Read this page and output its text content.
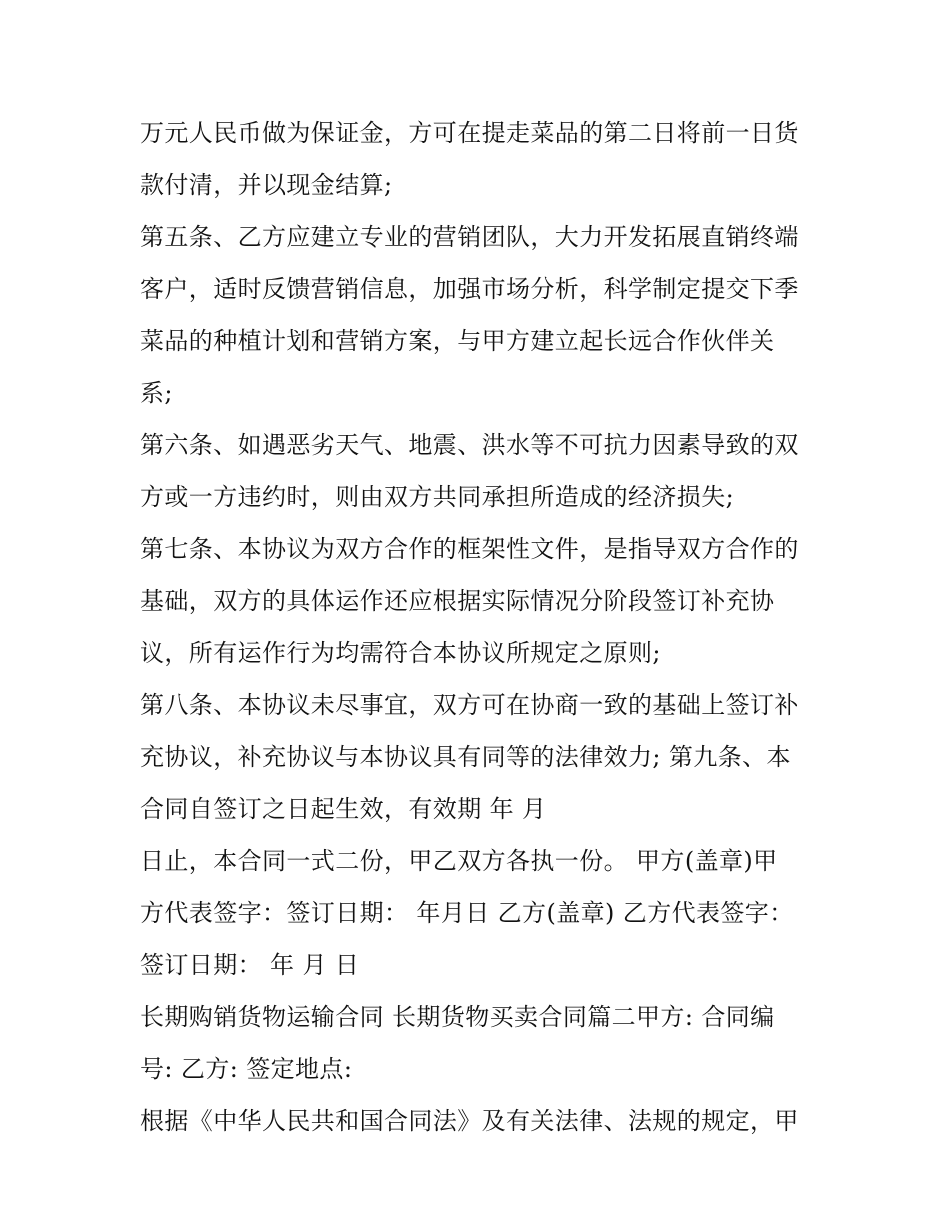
万元人民币做为保证金，方可在提走菜品的第二日将前一日货
款付清，并以现金结算;
第五条、乙方应建立专业的营销团队，大力开发拓展直销终端
客户，适时反馈营销信息，加强市场分析，科学制定提交下季
菜品的种植计划和营销方案，与甲方建立起长远合作伙伴关
系;
第六条、如遇恶劣天气、地震、洪水等不可抗力因素导致的双
方或一方违约时，则由双方共同承担所造成的经济损失;
第七条、本协议为双方合作的框架性文件，是指导双方合作的
基础，双方的具体运作还应根据实际情况分阶段签订补充协
议，所有运作行为均需符合本协议所规定之原则;
第八条、本协议未尽事宜，双方可在协商一致的基础上签订补
充协议，补充协议与本协议具有同等的法律效力; 第九条、本
合同自签订之日起生效，有效期 年 月
日止，本合同一式二份，甲乙双方各执一份。 甲方(盖章)甲
方代表签字：签订日期： 年月日 乙方(盖章) 乙方代表签字：
签订日期： 年 月 日
长期购销货物运输合同 长期货物买卖合同篇二甲方: 合同编
号: 乙方: 签定地点:
根据《中华人民共和国合同法》及有关法律、法规的规定，甲
